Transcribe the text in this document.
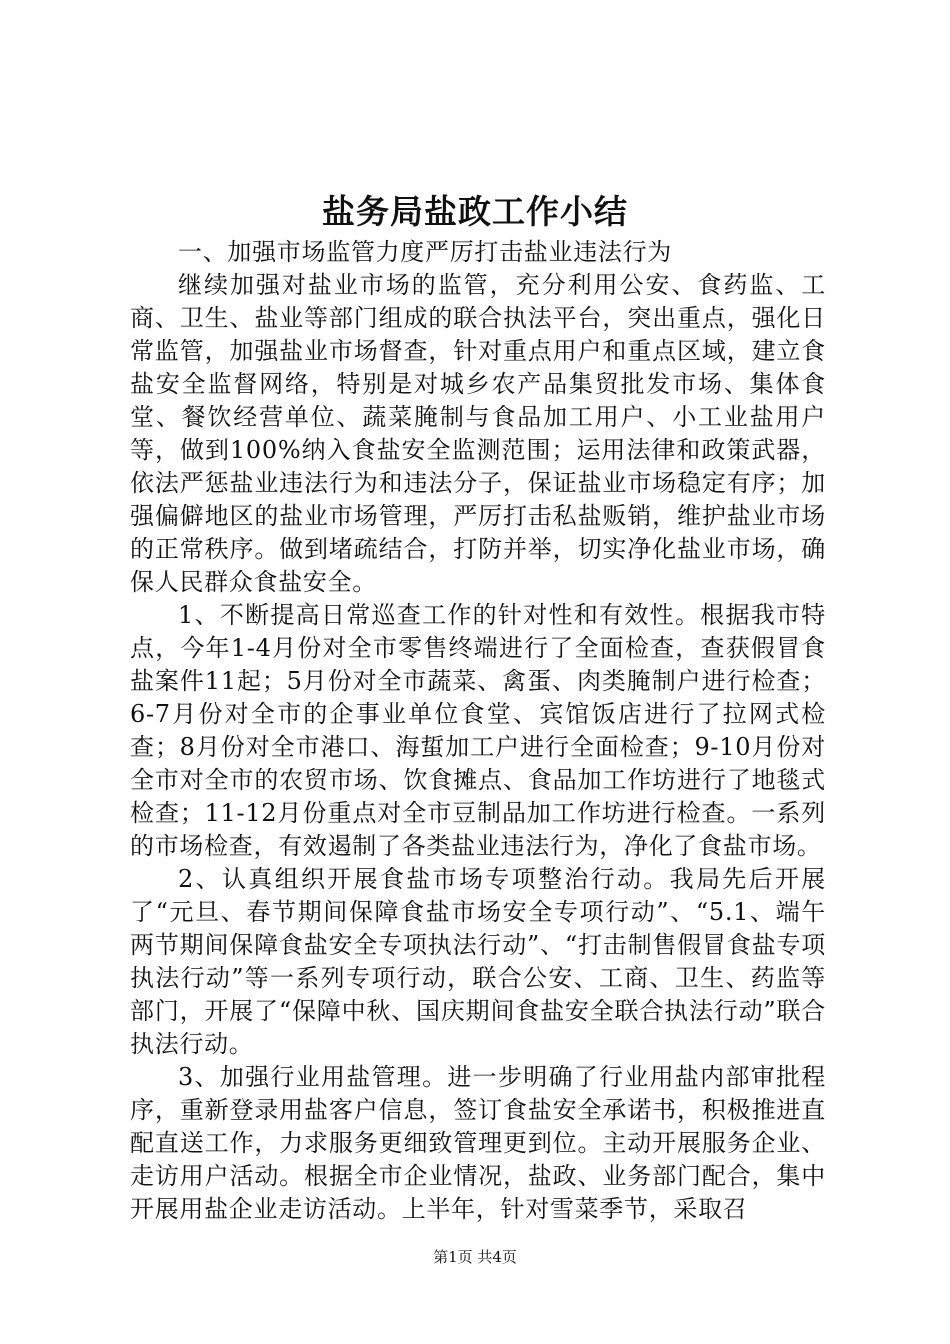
盐务局盐政工作小结

一、加强市场监管力度严厉打击盐业违法行为

继续加强对盐业市场的监管，充分利用公安、食药监、工商、卫生、盐业等部门组成的联合执法平台，突出重点，强化日常监管，加强盐业市场督查，针对重点用户和重点区域，建立食盐安全监督网络，特别是对城乡农产品集贸批发市场、集体食堂、餐饮经营单位、蔬菜腌制与食品加工用户、小工业盐用户等，做到100%纳入食盐安全监测范围；运用法律和政策武器，依法严惩盐业违法行为和违法分子，保证盐业市场稳定有序；加强偏僻地区的盐业市场管理，严厉打击私盐贩销，维护盐业市场的正常秩序。做到堵疏结合，打防并举，切实净化盐业市场，确保人民群众食盐安全。

1、不断提高日常巡查工作的针对性和有效性。根据我市特点，今年1-4月份对全市零售终端进行了全面检查，查获假冒食盐案件11起；5月份对全市蔬菜、禽蛋、肉类腌制户进行检查；6-7月份对全市的企事业单位食堂、宾馆饭店进行了拉网式检查；8月份对全市港口、海蜇加工户进行全面检查；9-10月份对全市对全市的农贸市场、饮食摊点、食品加工作坊进行了地毯式检查；11-12月份重点对全市豆制品加工作坊进行检查。一系列的市场检查，有效遏制了各类盐业违法行为，净化了食盐市场。

2、认真组织开展食盐市场专项整治行动。我局先后开展了“元旦、春节期间保障食盐市场安全专项行动”、“5.1、端午两节期间保障食盐安全专项执法行动”、“打击制售假冒食盐专项执法行动”等一系列专项行动，联合公安、工商、卫生、药监等部门，开展了“保障中秋、国庆期间食盐安全联合执法行动”联合执法行动。

3、加强行业用盐管理。进一步明确了行业用盐内部审批程序，重新登录用盐客户信息，签订食盐安全承诺书，积极推进直配直送工作，力求服务更细致管理更到位。主动开展服务企业、走访用户活动。根据全市企业情况，盐政、业务部门配合，集中开展用盐企业走访活动。上半年，针对雪菜季节，采取召

第1页 共4页
